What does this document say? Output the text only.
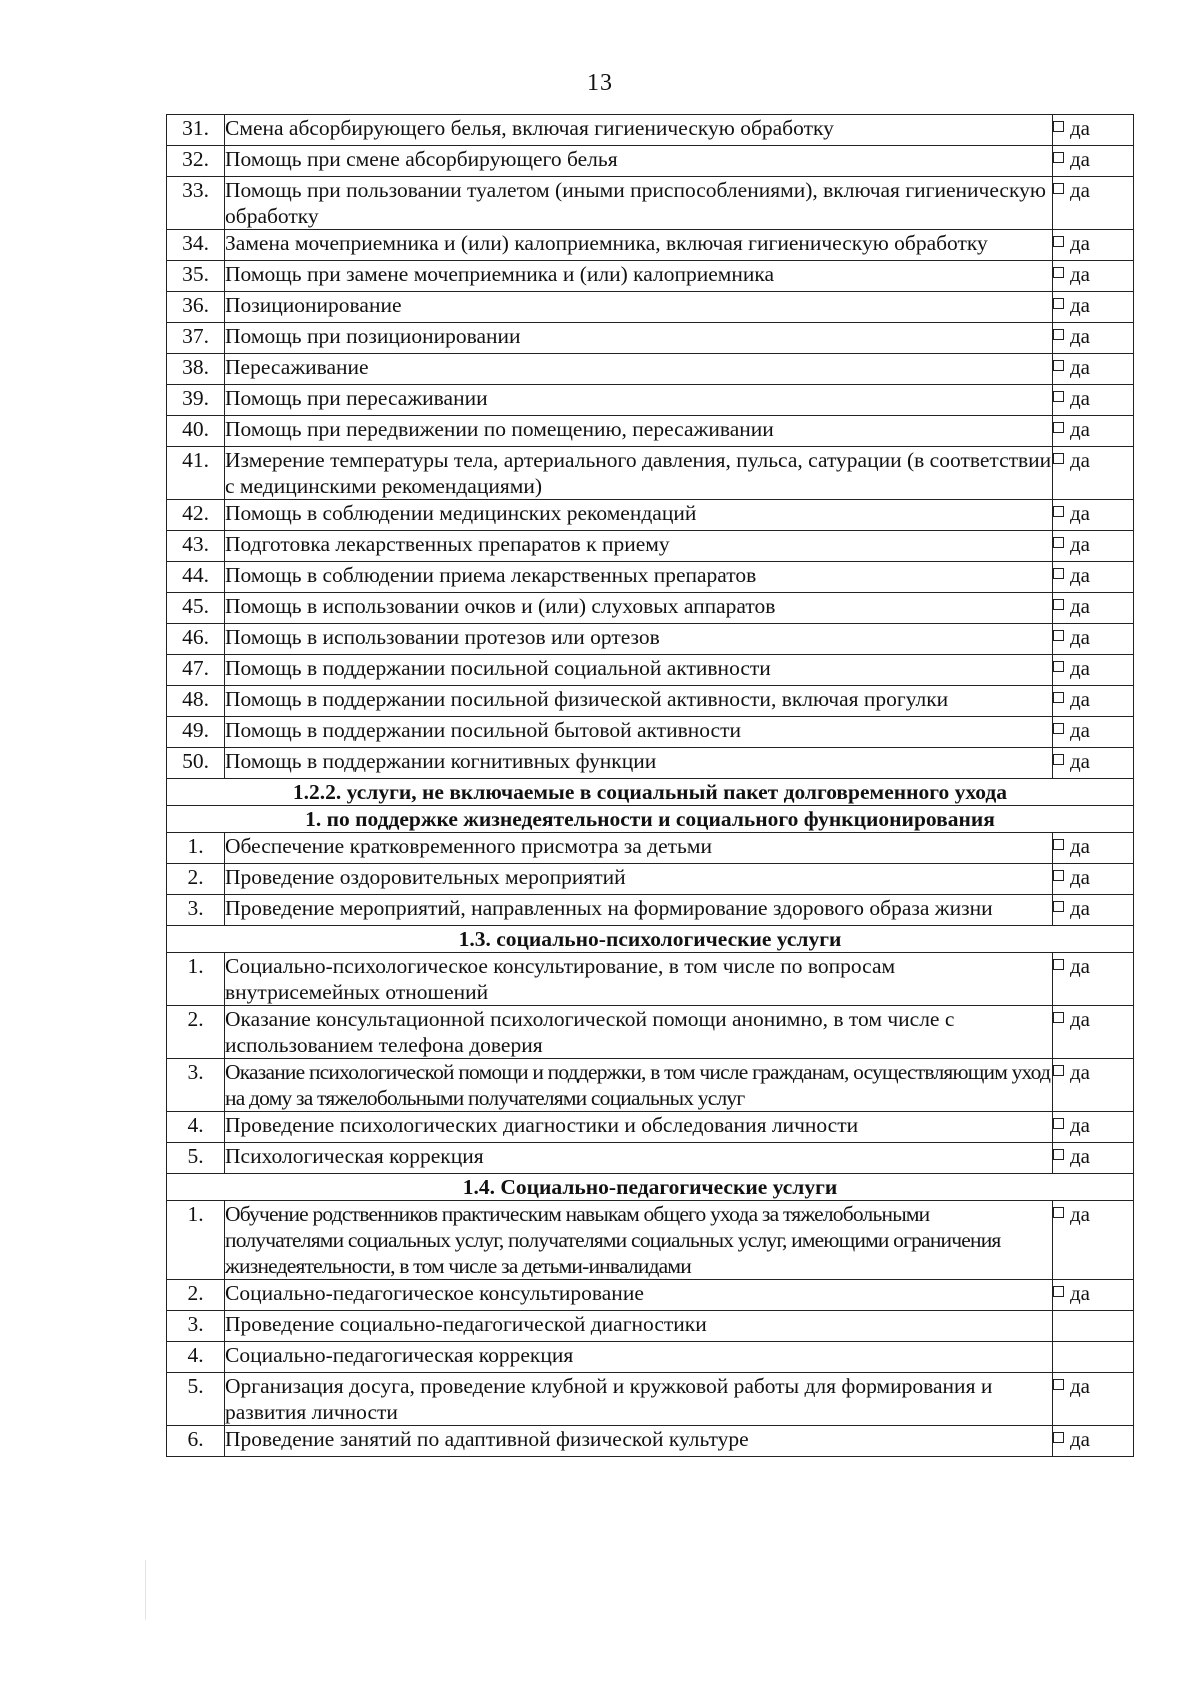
13
31.	Смена абсорбирующего белья, включая гигиеническую обработку	да
32.	Помощь при смене абсорбирующего белья	да
33.	Помощь при пользовании туалетом (иными приспособлениями), включая гигиеническую обработку	да
34.	Замена мочеприемника и (или) калоприемника, включая гигиеническую обработку	да
35.	Помощь при замене мочеприемника и (или) калоприемника	да
36.	Позиционирование	да
37.	Помощь при позиционировании	да
38.	Пересаживание	да
39.	Помощь при пересаживании	да
40.	Помощь при передвижении по помещению, пересаживании	да
41.	Измерение температуры тела, артериального давления, пульса, сатурации (в соответствии с медицинскими рекомендациями)	да
42.	Помощь в соблюдении медицинских рекомендаций	да
43.	Подготовка лекарственных препаратов к приему	да
44.	Помощь в соблюдении приема лекарственных препаратов	да
45.	Помощь в использовании очков и (или) слуховых аппаратов	да
46.	Помощь в использовании протезов или ортезов	да
47.	Помощь в поддержании посильной социальной активности	да
48.	Помощь в поддержании посильной физической активности, включая прогулки	да
49.	Помощь в поддержании посильной бытовой активности	да
50.	Помощь в поддержании когнитивных функции	да
1.2.2. услуги, не включаемые в социальный пакет долговременного ухода		
1. по поддержке жизнедеятельности и социального функционирования		
1.	Обеспечение кратковременного присмотра за детьми	да
2.	Проведение оздоровительных мероприятий	да
3.	Проведение мероприятий, направленных на формирование здорового образа жизни	да
1.3. социально-психологические услуги		
1.	Социально-психологическое консультирование, в том числе по вопросам внутрисемейных отношений	да
2.	Оказание консультационной психологической помощи анонимно, в том числе с использованием телефона доверия	да
3.	Оказание психологической помощи и поддержки, в том числе гражданам, осуществляющим уход на дому за тяжелобольными получателями социальных услуг	да
4.	Проведение психологических диагностики и обследования личности	да
5.	Психологическая коррекция	да
1.4. Социально-педагогические услуги		
1.	Обучение родственников практическим навыкам общего ухода за тяжелобольными получателями социальных услуг, получателями социальных услуг, имеющими ограничения жизнедеятельности, в том числе за детьми-инвалидами	да
2.	Социально-педагогическое консультирование	да
3.	Проведение социально-педагогической диагностики	
4.	Социально-педагогическая коррекция	
5.	Организация досуга, проведение клубной и кружковой работы для формирования и развития личности	да
6.	Проведение занятий по адаптивной физической культуре	да
